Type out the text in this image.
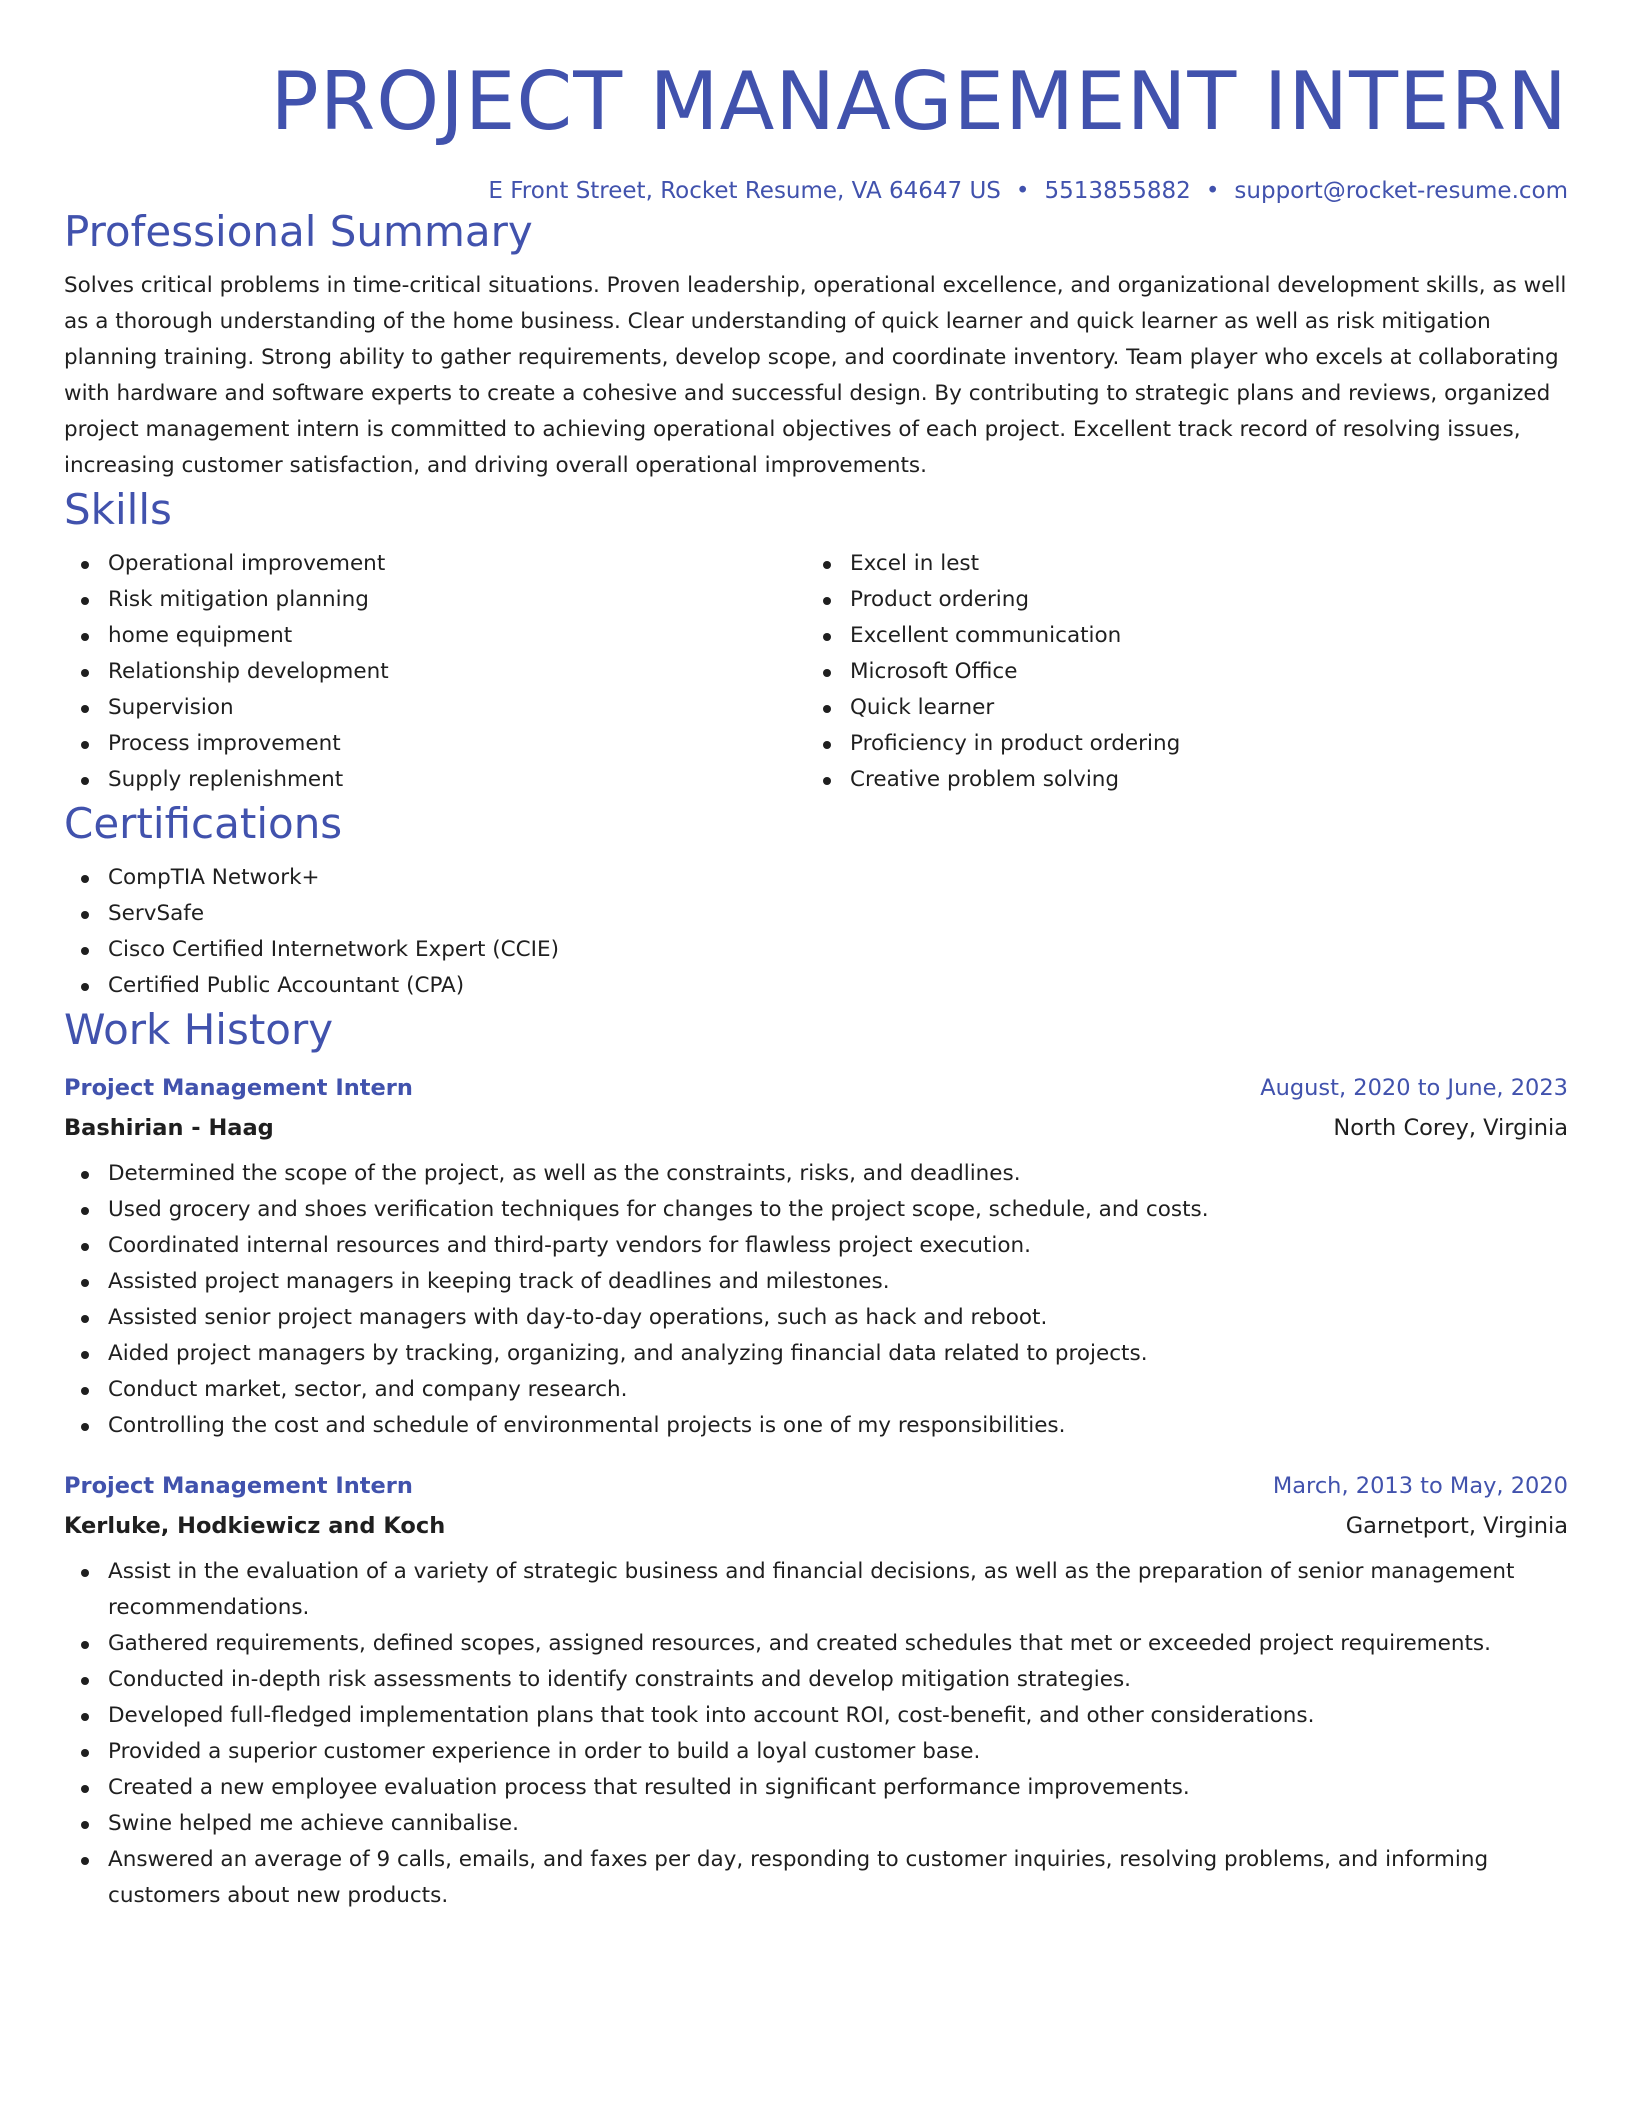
PROJECT MANAGEMENT INTERN
E Front Street, Rocket Resume, VA 64647 US • 5513855882 • support@rocket-resume.com
Professional Summary

Solves critical problems in time-critical situations. Proven leadership, operational excellence, and organizational development skills, as well as a thorough understanding of the home business. Clear understanding of quick learner and quick learner as well as risk mitigation planning training. Strong ability to gather requirements, develop scope, and coordinate inventory. Team player who excels at collaborating with hardware and software experts to create a cohesive and successful design. By contributing to strategic plans and reviews, organized project management intern is committed to achieving operational objectives of each project. Excellent track record of resolving issues, increasing customer satisfaction, and driving overall operational improvements.

Skills
Operational improvement
Risk mitigation planning
home equipment
Relationship development
Supervision
Process improvement
Supply replenishment
Excel in lest
Product ordering
Excellent communication
Microsoft Office
Quick learner
Proficiency in product ordering
Creative problem solving
Certifications
CompTIA Network+
ServSafe
Cisco Certified Internetwork Expert (CCIE)
Certified Public Accountant (CPA)
Work History
Project Management Intern	August, 2020 to June, 2023
Bashirian - Haag	North Corey, Virginia
Determined the scope of the project, as well as the constraints, risks, and deadlines.
Used grocery and shoes verification techniques for changes to the project scope, schedule, and costs.
Coordinated internal resources and third-party vendors for flawless project execution.
Assisted project managers in keeping track of deadlines and milestones.
Assisted senior project managers with day-to-day operations, such as hack and reboot.
Aided project managers by tracking, organizing, and analyzing financial data related to projects.
Conduct market, sector, and company research.
Controlling the cost and schedule of environmental projects is one of my responsibilities.
Project Management Intern	March, 2013 to May, 2020
Kerluke, Hodkiewicz and Koch	Garnetport, Virginia
Assist in the evaluation of a variety of strategic business and financial decisions, as well as the preparation of senior management recommendations.
Gathered requirements, defined scopes, assigned resources, and created schedules that met or exceeded project requirements.
Conducted in-depth risk assessments to identify constraints and develop mitigation strategies.
Developed full-fledged implementation plans that took into account ROI, cost-benefit, and other considerations.
Provided a superior customer experience in order to build a loyal customer base.
Created a new employee evaluation process that resulted in significant performance improvements.
Swine helped me achieve cannibalise.
Answered an average of 9 calls, emails, and faxes per day, responding to customer inquiries, resolving problems, and informing customers about new products.
